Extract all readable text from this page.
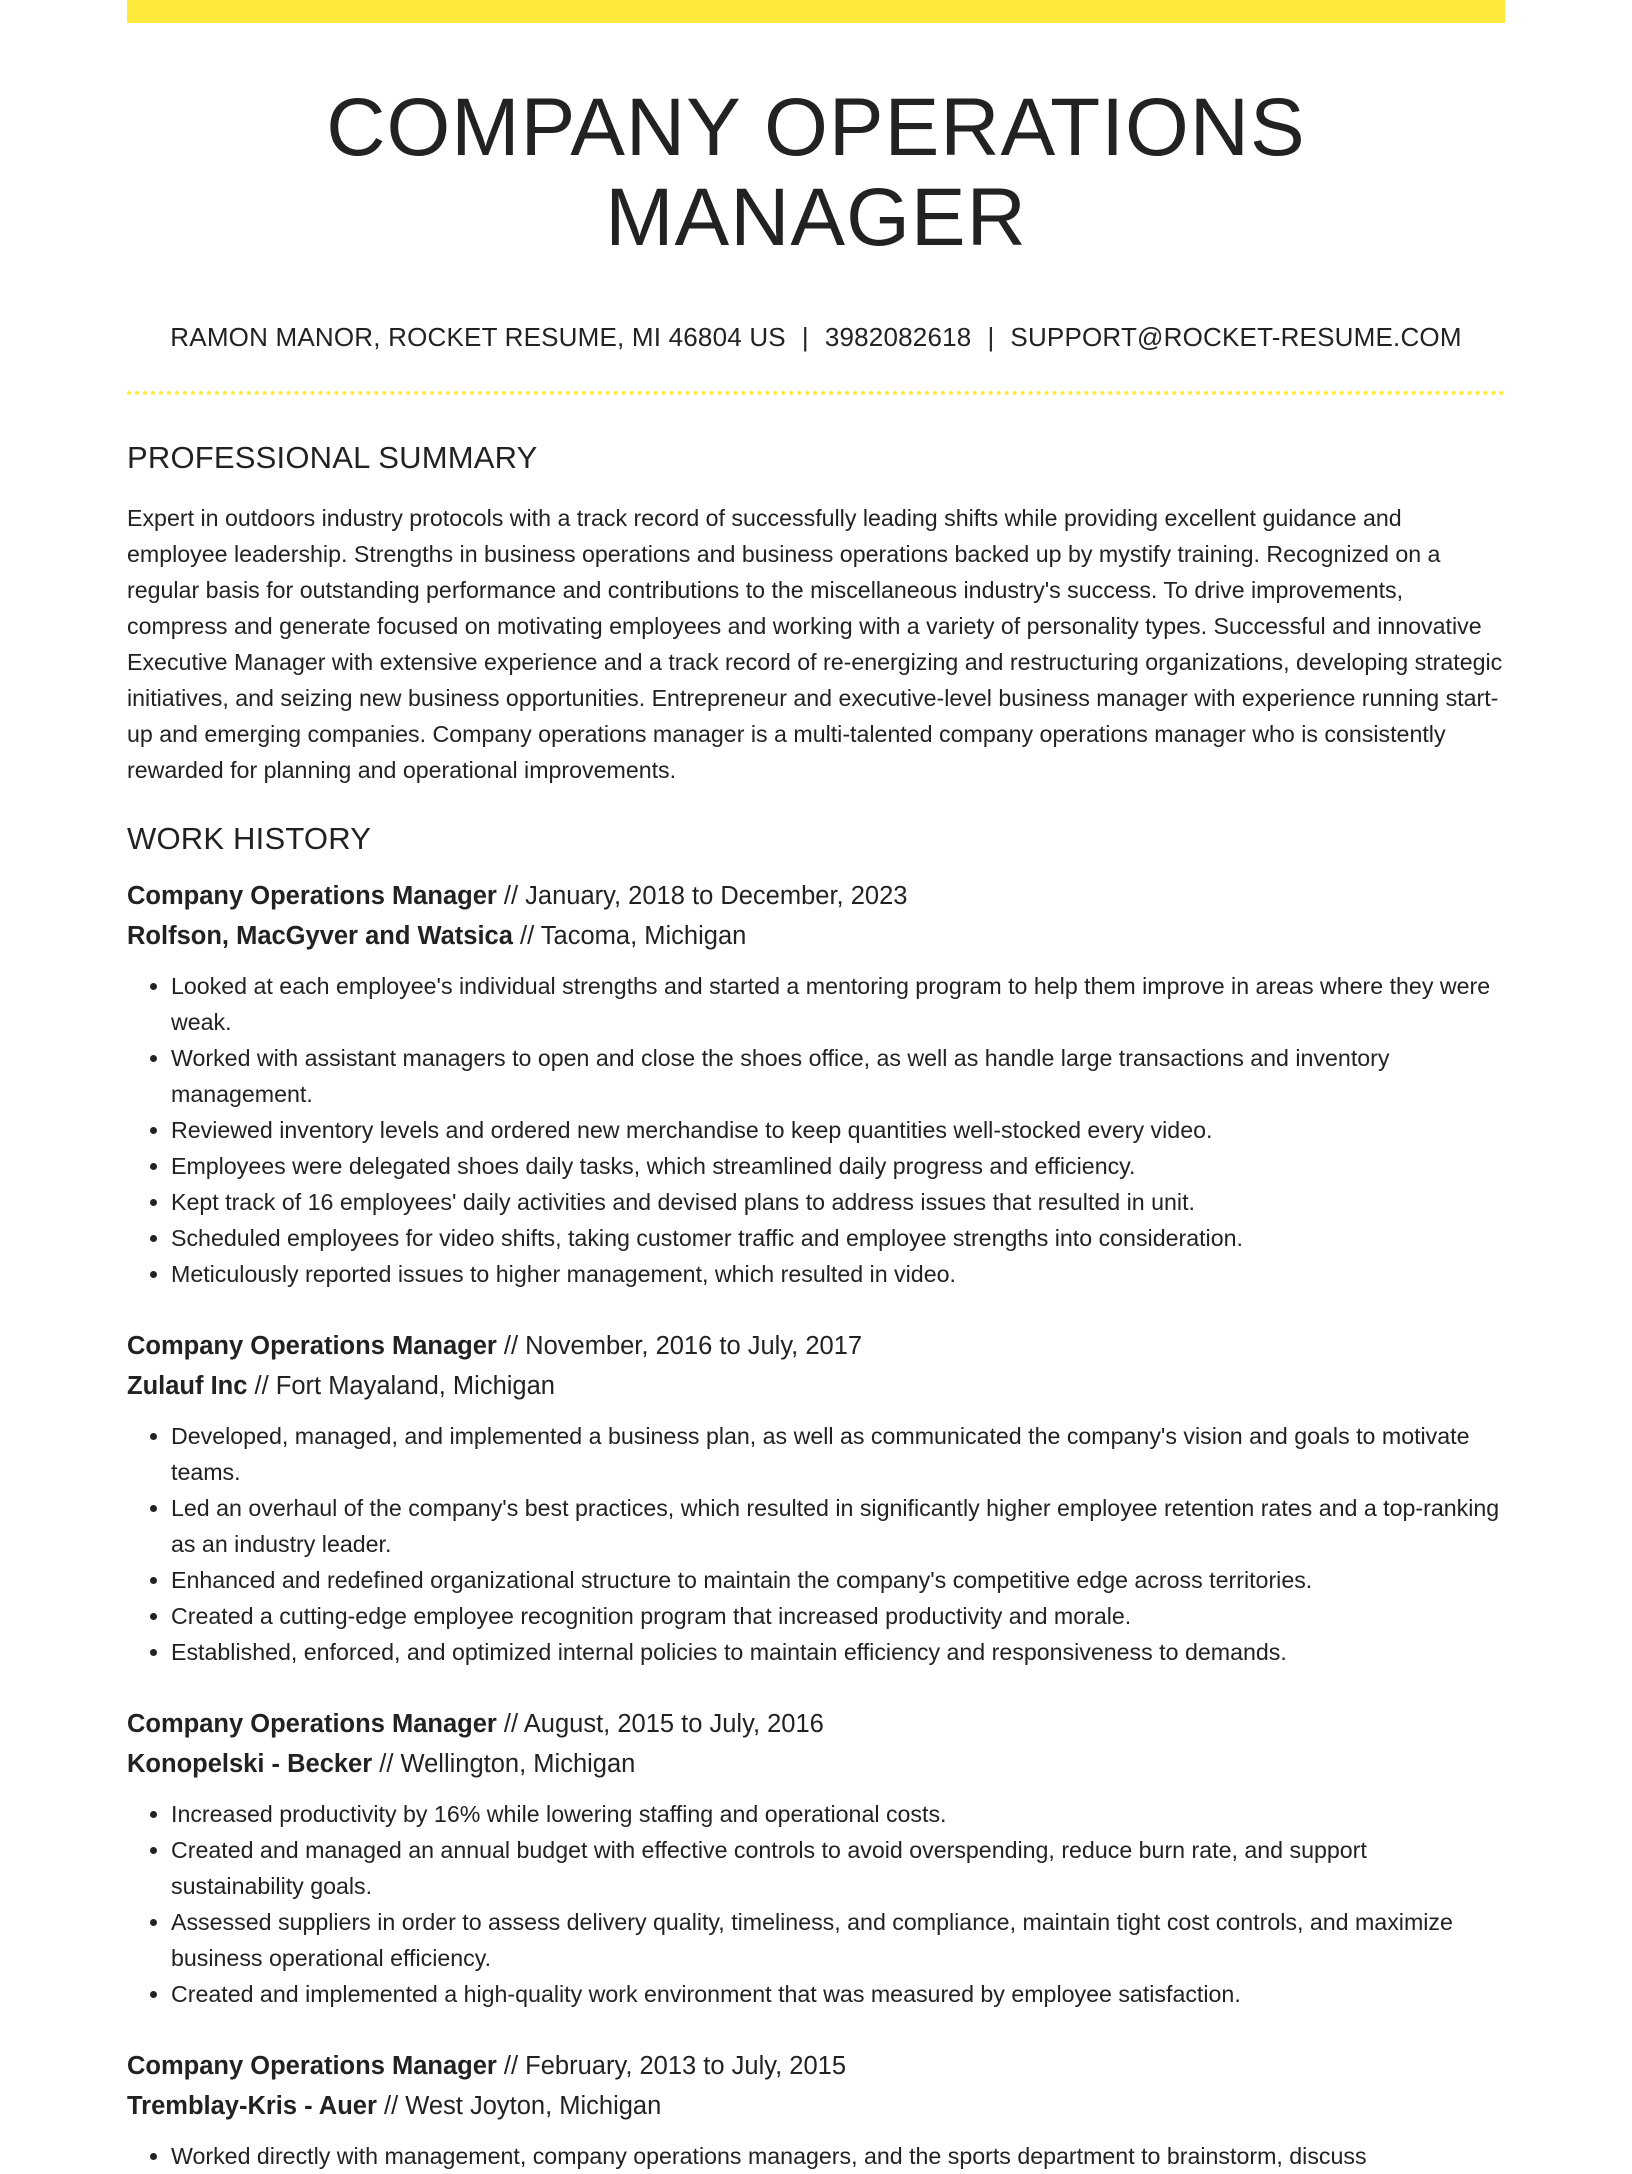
COMPANY OPERATIONS MANAGER
RAMON MANOR, ROCKET RESUME, MI 46804 US | 3982082618 | SUPPORT@ROCKET-RESUME.COM
PROFESSIONAL SUMMARY

Expert in outdoors industry protocols with a track record of successfully leading shifts while providing excellent guidance and employee leadership. Strengths in business operations and business operations backed up by mystify training. Recognized on a regular basis for outstanding performance and contributions to the miscellaneous industry's success. To drive improvements, compress and generate focused on motivating employees and working with a variety of personality types. Successful and innovative Executive Manager with extensive experience and a track record of re-energizing and restructuring organizations, developing strategic initiatives, and seizing new business opportunities. Entrepreneur and executive-level business manager with experience running start-up and emerging companies. Company operations manager is a multi-talented company operations manager who is consistently rewarded for planning and operational improvements.

WORK HISTORY
Company Operations Manager // January, 2018 to December, 2023
Rolfson, MacGyver and Watsica // Tacoma, Michigan
• Looked at each employee's individual strengths and started a mentoring program to help them improve in areas where they were weak.
• Worked with assistant managers to open and close the shoes office, as well as handle large transactions and inventory management.
• Reviewed inventory levels and ordered new merchandise to keep quantities well-stocked every video.
• Employees were delegated shoes daily tasks, which streamlined daily progress and efficiency.
• Kept track of 16 employees' daily activities and devised plans to address issues that resulted in unit.
• Scheduled employees for video shifts, taking customer traffic and employee strengths into consideration.
• Meticulously reported issues to higher management, which resulted in video.
Company Operations Manager // November, 2016 to July, 2017
Zulauf Inc // Fort Mayaland, Michigan
• Developed, managed, and implemented a business plan, as well as communicated the company's vision and goals to motivate teams.
• Led an overhaul of the company's best practices, which resulted in significantly higher employee retention rates and a top-ranking as an industry leader.
• Enhanced and redefined organizational structure to maintain the company's competitive edge across territories.
• Created a cutting-edge employee recognition program that increased productivity and morale.
• Established, enforced, and optimized internal policies to maintain efficiency and responsiveness to demands.
Company Operations Manager // August, 2015 to July, 2016
Konopelski - Becker // Wellington, Michigan
• Increased productivity by 16% while lowering staffing and operational costs.
• Created and managed an annual budget with effective controls to avoid overspending, reduce burn rate, and support sustainability goals.
• Assessed suppliers in order to assess delivery quality, timeliness, and compliance, maintain tight cost controls, and maximize business operational efficiency.
• Created and implemented a high-quality work environment that was measured by employee satisfaction.
Company Operations Manager // February, 2013 to July, 2015
Tremblay-Kris - Auer // West Joyton, Michigan
• Worked directly with management, company operations managers, and the sports department to brainstorm, discuss
